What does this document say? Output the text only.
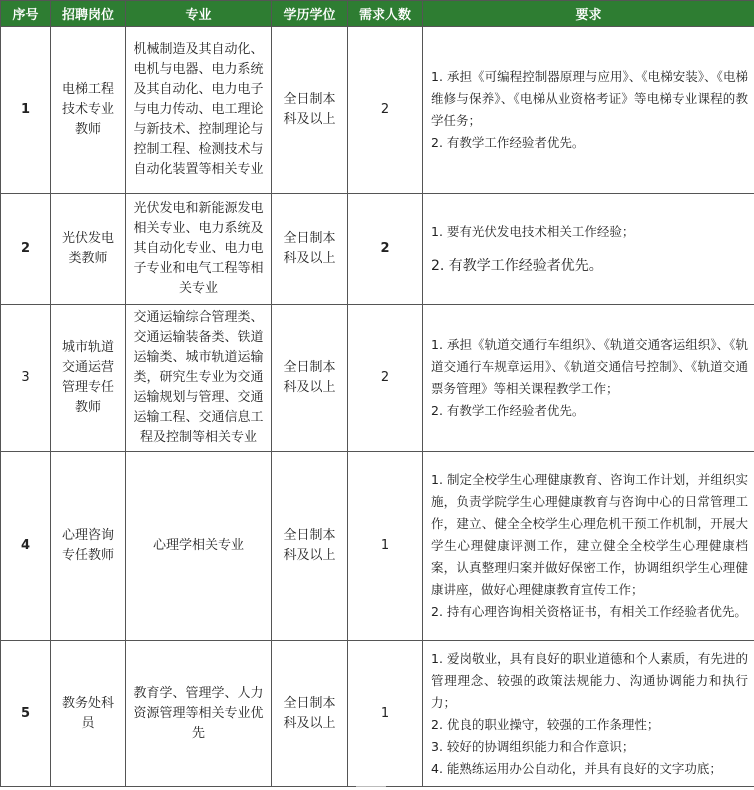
序号	招聘岗位	专业	学历学位	需求人数	要求
1	电梯工程技术专业教师	机械制造及其自动化、电机与电器、电力系统及其自动化、电力电子与电力传动、电工理论与新技术、控制理论与控制工程、检测技术与自动化装置等相关专业	全日制本科及以上	2	1. 承担《可编程控制器原理与应用》、《电梯安装》、《电梯维修与保养》、《电梯从业资格考证》等电梯专业课程的教学任务；
2. 有教学工作经验者优先。

2	光伏发电类教师	光伏发电和新能源发电相关专业、电力系统及其自动化专业、电力电子专业和电气工程等相关专业	全日制本科及以上	2	1. 要有光伏发电技术相关工作经验；
2. 有教学工作经验者优先。

3	城市轨道交通运营管理专任教师	交通运输综合管理类、交通运输装备类、铁道运输类、城市轨道运输类，研究生专业为交通运输规划与管理、交通运输工程、交通信息工程及控制等相关专业	全日制本科及以上	2	1. 承担《轨道交通行车组织》、《轨道交通客运组织》、《轨道交通行车规章运用》、《轨道交通信号控制》、《轨道交通票务管理》等相关课程教学工作；
2. 有教学工作经验者优先。

4	心理咨询专任教师	心理学相关专业	全日制本科及以上	1	1. 制定全校学生心理健康教育、咨询工作计划，并组织实施，负责学院学生心理健康教育与咨询中心的日常管理工作，建立、健全全校学生心理危机干预工作机制，开展大学生心理健康评测工作，建立健全全校学生心理健康档案，认真整理归案并做好保密工作，协调组织学生心理健康讲座，做好心理健康教育宣传工作；
2. 持有心理咨询相关资格证书，有相关工作经验者优先。

5	教务处科员	教育学、管理学、人力资源管理等相关专业优先	全日制本科及以上	1	1. 爱岗敬业，具有良好的职业道德和个人素质，有先进的管理理念、较强的政策法规能力、沟通协调能力和执行力；
2. 优良的职业操守，较强的工作条理性；
3. 较好的协调组织能力和合作意识；
4. 能熟练运用办公自动化，并具有良好的文字功底；
